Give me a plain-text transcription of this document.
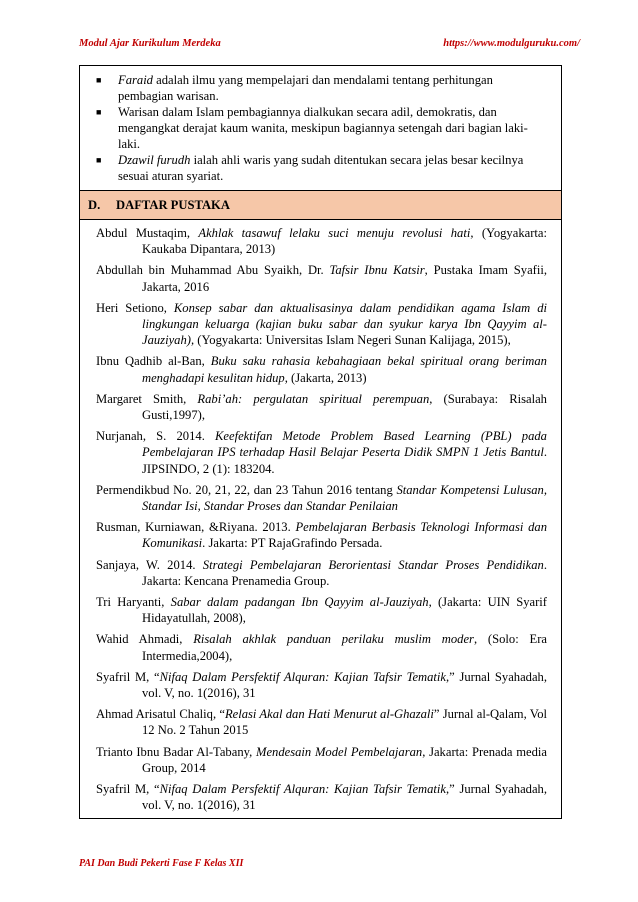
Modul Ajar Kurikulum Merdeka	https://www.modulguruku.com/
■ Faraid adalah ilmu yang mempelajari dan mendalami tentang perhitungan pembagian warisan.
■ Warisan dalam Islam pembagiannya dialkukan secara adil, demokratis, dan mengangkat derajat kaum wanita, meskipun bagiannya setengah dari bagian laki-laki.
■ Dzawil furudh ialah ahli waris yang sudah ditentukan secara jelas besar kecilnya sesuai aturan syariat.
D.	DAFTAR PUSTAKA
Abdul Mustaqim, Akhlak tasawuf lelaku suci menuju revolusi hati, (Yogyakarta: Kaukaba Dipantara, 2013)
Abdullah bin Muhammad Abu Syaikh, Dr. Tafsir Ibnu Katsir, Pustaka Imam Syafii, Jakarta, 2016
Heri Setiono, Konsep sabar dan aktualisasinya dalam pendidikan agama Islam di lingkungan keluarga (kajian buku sabar dan syukur karya Ibn Qayyim al-Jauziyah), (Yogyakarta: Universitas Islam Negeri Sunan Kalijaga, 2015),
Ibnu Qadhib al-Ban, Buku saku rahasia kebahagiaan bekal spiritual orang beriman menghadapi kesulitan hidup, (Jakarta, 2013)
Margaret Smith, Rabi’ah: pergulatan spiritual perempuan, (Surabaya: Risalah Gusti,1997),
Nurjanah, S. 2014. Keefektifan Metode Problem Based Learning (PBL) pada Pembelajaran IPS terhadap Hasil Belajar Peserta Didik SMPN 1 Jetis Bantul. JIPSINDO, 2 (1): 183204.
Permendikbud No. 20, 21, 22, dan 23 Tahun 2016 tentang Standar Kompetensi Lulusan, Standar Isi, Standar Proses dan Standar Penilaian
Rusman, Kurniawan, &Riyana. 2013. Pembelajaran Berbasis Teknologi Informasi dan Komunikasi. Jakarta: PT RajaGrafindo Persada.
Sanjaya, W. 2014. Strategi Pembelajaran Berorientasi Standar Proses Pendidikan. Jakarta: Kencana Prenamedia Group.
Tri Haryanti, Sabar dalam padangan Ibn Qayyim al-Jauziyah, (Jakarta: UIN Syarif Hidayatullah, 2008),
Wahid Ahmadi, Risalah akhlak panduan perilaku muslim moder, (Solo: Era Intermedia,2004),
Syafril M, “Nifaq Dalam Persfektif Alquran: Kajian Tafsir Tematik,” Jurnal Syahadah, vol. V, no. 1(2016), 31
Ahmad Arisatul Chaliq, “Relasi Akal dan Hati Menurut al-Ghazali” Jurnal al-Qalam, Vol 12 No. 2 Tahun 2015
Trianto Ibnu Badar Al-Tabany, Mendesain Model Pembelajaran, Jakarta: Prenada media Group, 2014
Syafril M, “Nifaq Dalam Persfektif Alquran: Kajian Tafsir Tematik,” Jurnal Syahadah, vol. V, no. 1(2016), 31
PAI Dan Budi Pekerti Fase F Kelas XII
